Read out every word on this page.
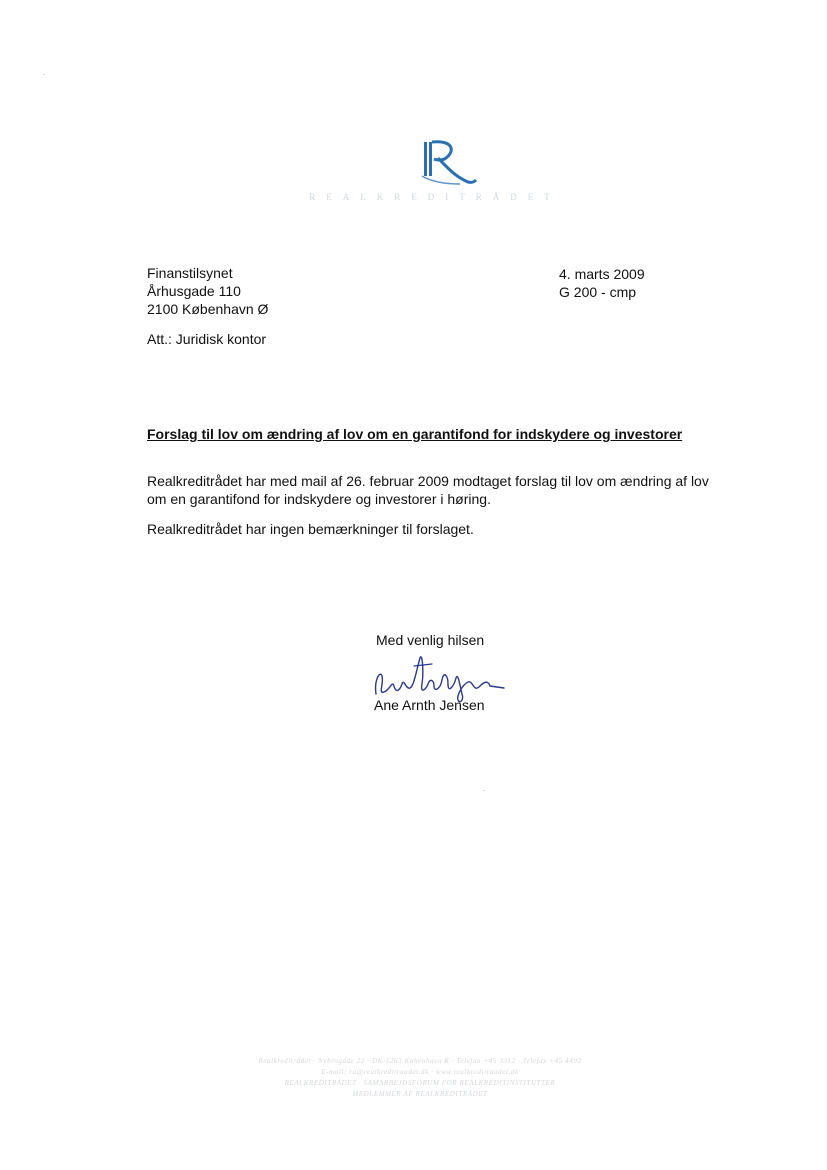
REALKREDITRÅDET
Finanstilsynet
Århusgade 110
2100 København Ø
Att.: Juridisk kontor
4. marts 2009
G 200 - cmp
Forslag til lov om ændring af lov om en garantifond for indskydere og investorer
Realkreditrådet har med mail af 26. februar 2009 modtaget forslag til lov om ændring af lov om en garantifond for indskydere og investorer i høring.
Realkreditrådet har ingen bemærkninger til forslaget.
Med venlig hilsen
Ane Arnth Jensen
Realkreditrådet · Nybrogade 22 · DK-1203 København K · Telefon +45 3312 · Telefax +45 4492
E-mail: ra@realkreditraadet.dk · www.realkreditraadet.dk
REALKREDITRÅDET · SAMARBEJDSFORUM FOR REALKREDITINSTITUTTER
MEDLEMMER AF REALKREDITRÅDET
